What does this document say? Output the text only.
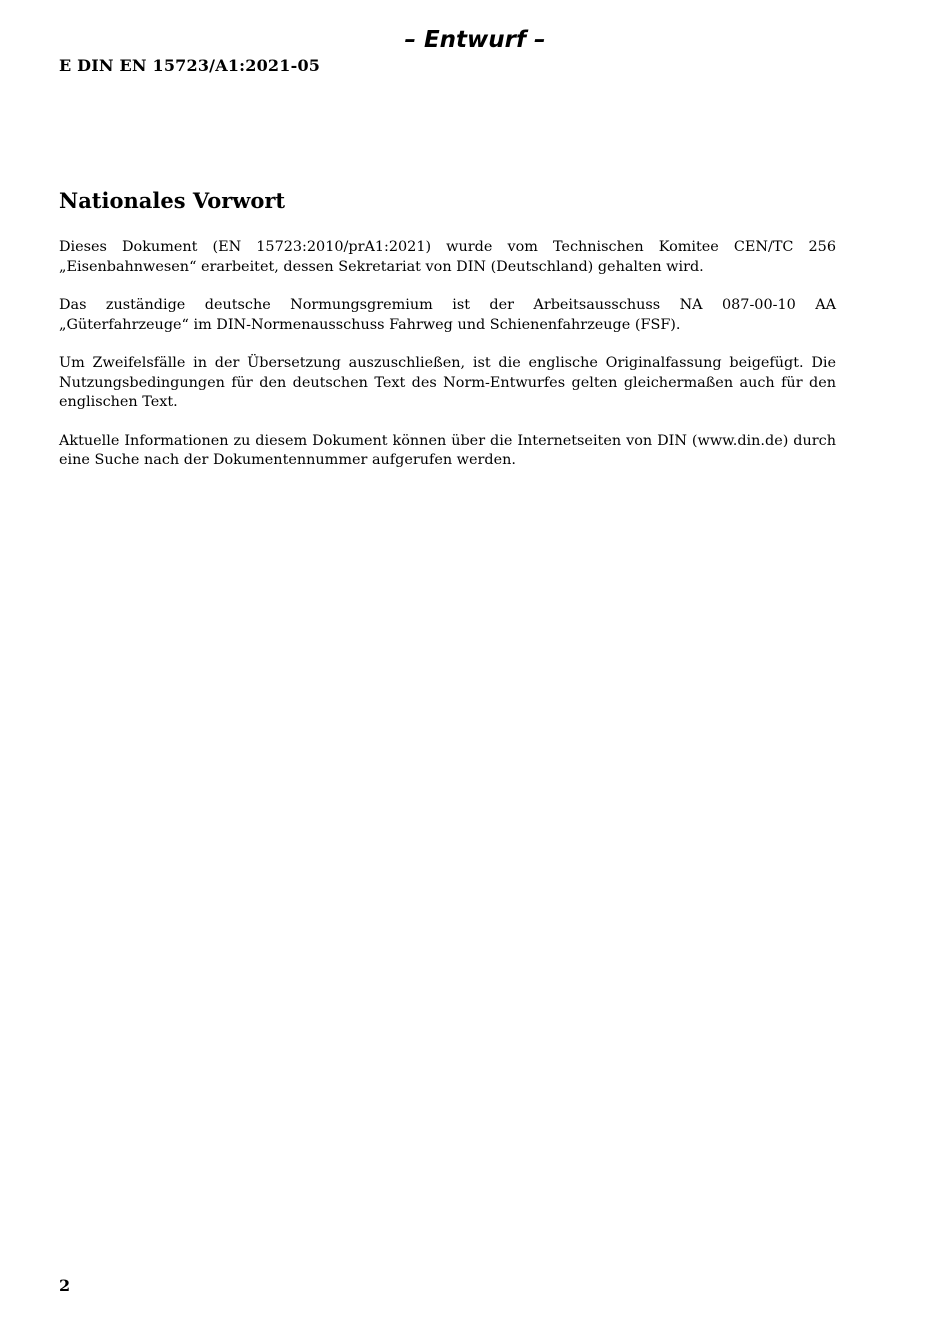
– Entwurf –
E DIN EN 15723/A1:2021-05
Nationales Vorwort

Dieses Dokument (EN 15723:2010/prA1:2021) wurde vom Technischen Komitee CEN/TC 256 „Eisenbahnwesen“ erarbeitet, dessen Sekretariat von DIN (Deutschland) gehalten wird.

Das zuständige deutsche Normungsgremium ist der Arbeitsausschuss NA 087-00-10 AA „Güterfahrzeuge“ im DIN-Normenausschuss Fahrweg und Schienenfahrzeuge (FSF).

Um Zweifelsfälle in der Übersetzung auszuschließen, ist die englische Originalfassung beigefügt. Die Nutzungsbedingungen für den deutschen Text des Norm-Entwurfes gelten gleichermaßen auch für den englischen Text.

Aktuelle Informationen zu diesem Dokument können über die Internetseiten von DIN (www.din.de) durch eine Suche nach der Dokumentennummer aufgerufen werden.

2
